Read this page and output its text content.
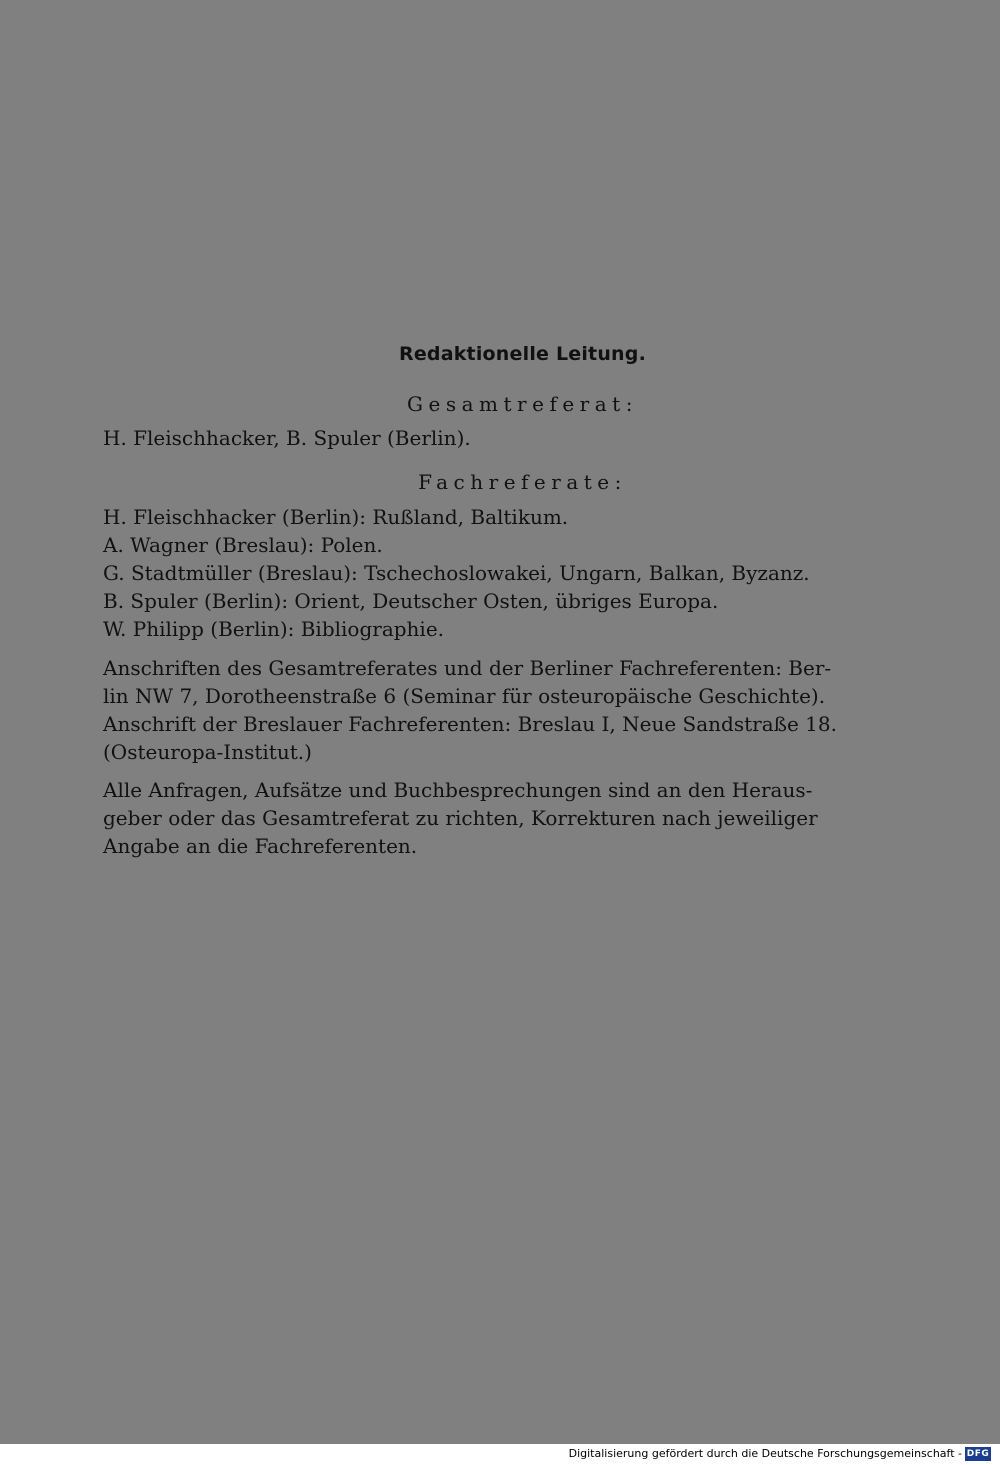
Redaktionelle Leitung.
Gesamtreferat:
H. Fleischhacker, B. Spuler (Berlin).
Fachreferate:
H. Fleischhacker (Berlin): Rußland, Baltikum.
A. Wagner (Breslau): Polen.
G. Stadtmüller (Breslau): Tschechoslowakei, Ungarn, Balkan, Byzanz.
B. Spuler (Berlin): Orient, Deutscher Osten, übriges Europa.
W. Philipp (Berlin): Bibliographie.
Anschriften des Gesamtreferates und der Berliner Fachreferenten: Ber-
lin NW 7, Dorotheenstraße 6 (Seminar für osteuropäische Geschichte).
Anschrift der Breslauer Fachreferenten: Breslau I, Neue Sandstraße 18.
(Osteuropa-Institut.)
Alle Anfragen, Aufsätze und Buchbesprechungen sind an den Heraus-
geber oder das Gesamtreferat zu richten, Korrekturen nach jeweiliger
Angabe an die Fachreferenten.
Digitalisierung gefördert durch die Deutsche Forschungsgemeinschaft - DFG
